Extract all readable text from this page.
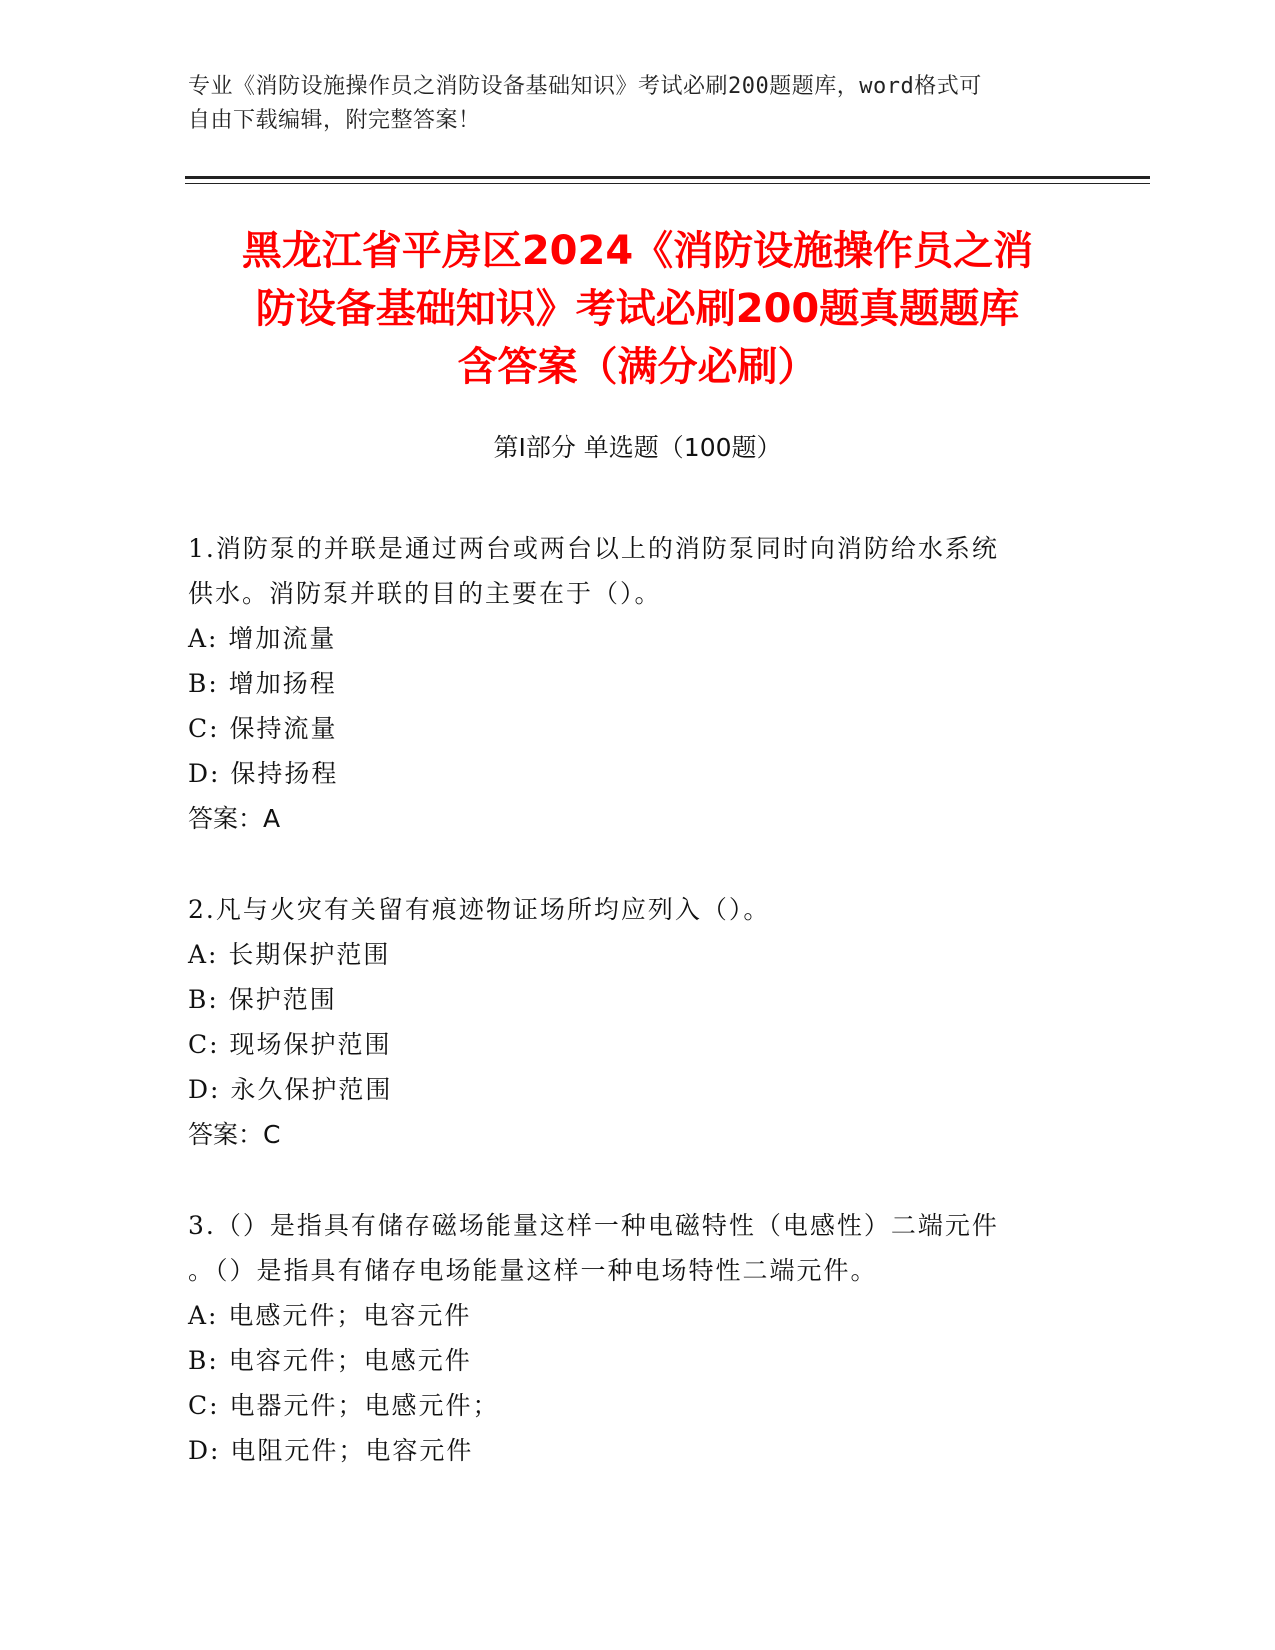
专业《消防设施操作员之消防设备基础知识》考试必刷200题题库，word格式可
自由下载编辑，附完整答案！
黑龙江省平房区2024《消防设施操作员之消
防设备基础知识》考试必刷200题真题题库
含答案（满分必刷）
第Ⅰ部分 单选题（100题）

1.消防泵的并联是通过两台或两台以上的消防泵同时向消防给水系统

供水。消防泵并联的目的主要在于（）。

A: 增加流量

B: 增加扬程

C: 保持流量

D: 保持扬程

答案：A

2.凡与火灾有关留有痕迹物证场所均应列入（）。

A: 长期保护范围

B: 保护范围

C: 现场保护范围

D: 永久保护范围

答案：C

3.（）是指具有储存磁场能量这样一种电磁特性（电感性）二端元件

。（）是指具有储存电场能量这样一种电场特性二端元件。

A: 电感元件；电容元件

B: 电容元件；电感元件

C: 电器元件；电感元件；

D: 电阻元件；电容元件
